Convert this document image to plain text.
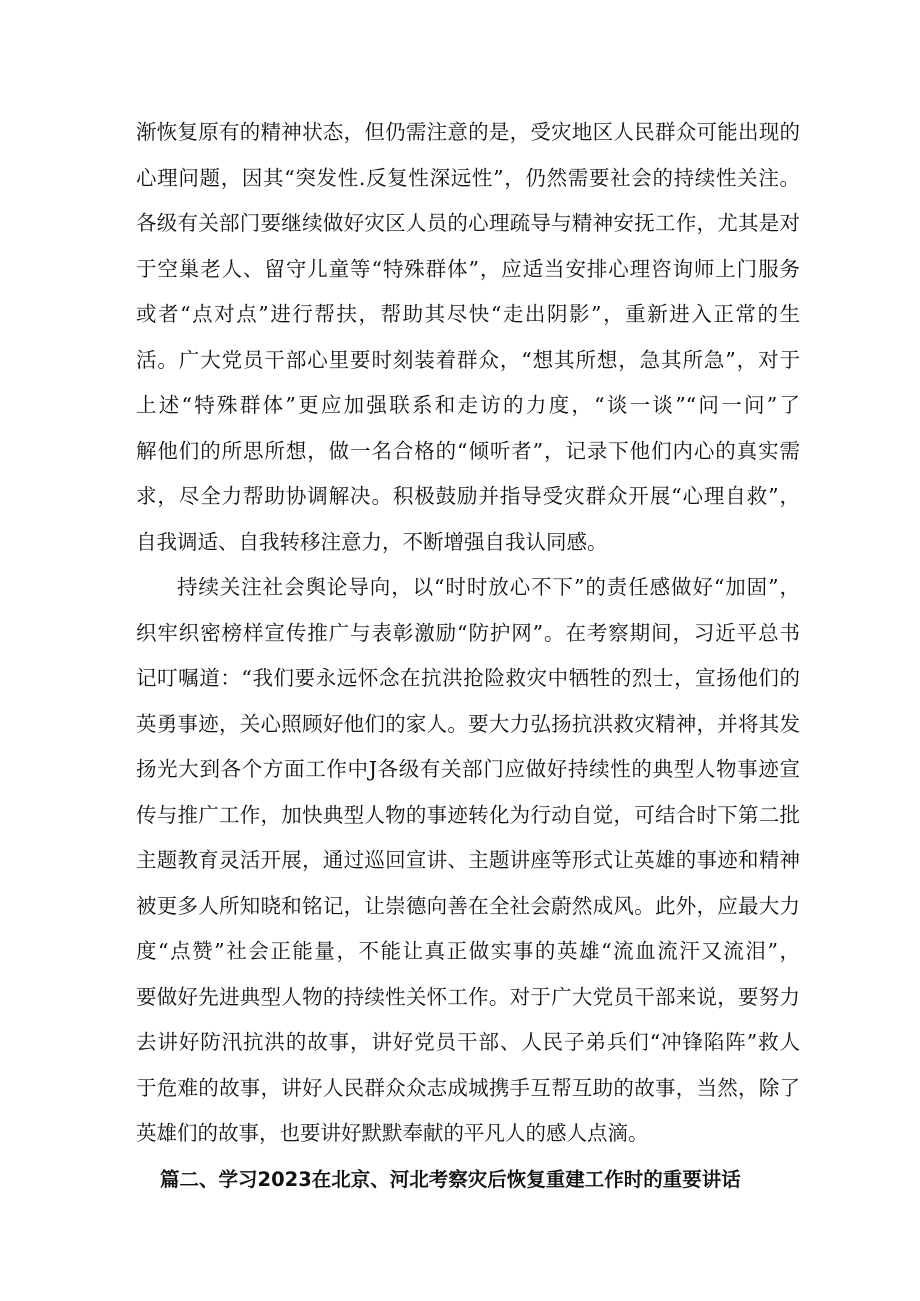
渐恢复原有的精神状态，但仍需注意的是，受灾地区人民群众可能出现的
心理问题，因其“突发性.反复性深远性”，仍然需要社会的持续性关注。
各级有关部门要继续做好灾区人员的心理疏导与精神安抚工作，尤其是对
于空巢老人、留守儿童等“特殊群体”，应适当安排心理咨询师上门服务
或者“点对点”进行帮扶，帮助其尽快“走出阴影”，重新进入正常的生
活。广大党员干部心里要时刻装着群众，“想其所想，急其所急”，对于
上述“特殊群体”更应加强联系和走访的力度，“谈一谈”“问一问”了
解他们的所思所想，做一名合格的“倾听者”，记录下他们内心的真实需
求，尽全力帮助协调解决。积极鼓励并指导受灾群众开展“心理自救”，
自我调适、自我转移注意力，不断增强自我认同感。
持续关注社会舆论导向，以“时时放心不下”的责任感做好“加固”，
织牢织密榜样宣传推广与表彰激励“防护网”。在考察期间，习近平总书
记叮嘱道：“我们要永远怀念在抗洪抢险救灾中牺牲的烈士，宣扬他们的
英勇事迹，关心照顾好他们的家人。要大力弘扬抗洪救灾精神，并将其发
扬光大到各个方面工作中J各级有关部门应做好持续性的典型人物事迹宣
传与推广工作，加快典型人物的事迹转化为行动自觉，可结合时下第二批
主题教育灵活开展，通过巡回宣讲、主题讲座等形式让英雄的事迹和精神
被更多人所知晓和铭记，让崇德向善在全社会蔚然成风。此外，应最大力
度“点赞”社会正能量，不能让真正做实事的英雄“流血流汗又流泪”，
要做好先进典型人物的持续性关怀工作。对于广大党员干部来说，要努力
去讲好防汛抗洪的故事，讲好党员干部、人民子弟兵们“冲锋陷阵”救人
于危难的故事，讲好人民群众众志成城携手互帮互助的故事，当然，除了
英雄们的故事，也要讲好默默奉献的平凡人的感人点滴。
篇二、学习2023在北京、河北考察灾后恢复重建工作时的重要讲话
